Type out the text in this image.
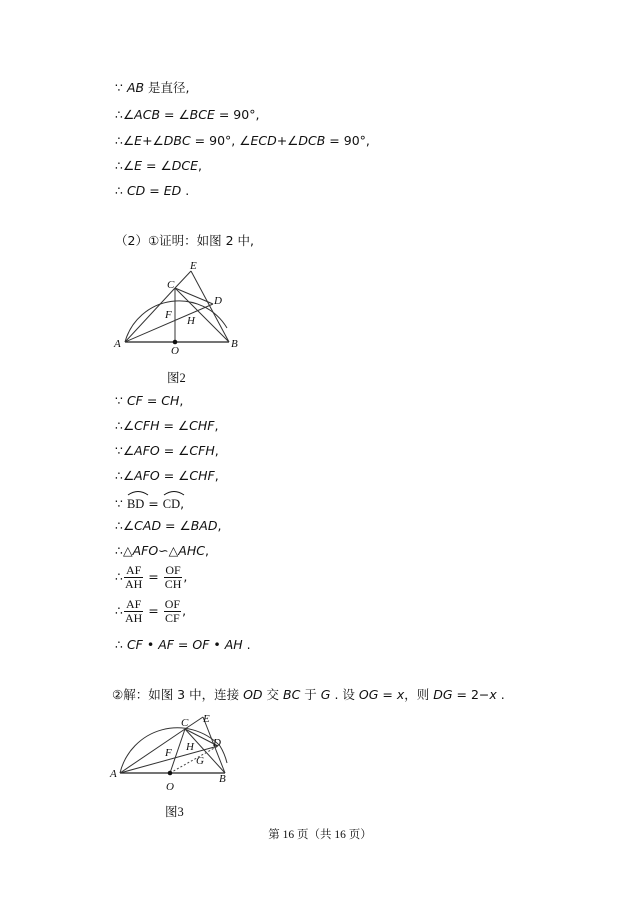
∵ AB 是直径,
∴∠ACB = ∠BCE = 90°,
∴∠E+∠DBC = 90°, ∠ECD+∠DCB = 90°,
∴∠E = ∠DCE,
∴ CD = ED .
（2）①证明：如图 2 中,
A	B
C
D
E
F H
O
图2
∵ CF = CH,
∴∠CFH = ∠CHF,
∵∠AFO = ∠CFH,
∴∠AFO = ∠CHF,
∵
BD =
CD,
∴∠CAD = ∠BAD,
∴△AFO∽△AHC,
∴ $\frac{AF}{AH} = \frac{OF}{CH}$ ,
∴ $\frac{AF}{AH} = \frac{OF}{CF}$ ,
∴ CF • AF = OF • AH .
②解：如图 3 中，连接 OD 交 BC 于 G . 设 OG = x，则 DG = 2−x .
A	B
C
D
E
F H
G
O
图3
第 16 页（共 16 页）
